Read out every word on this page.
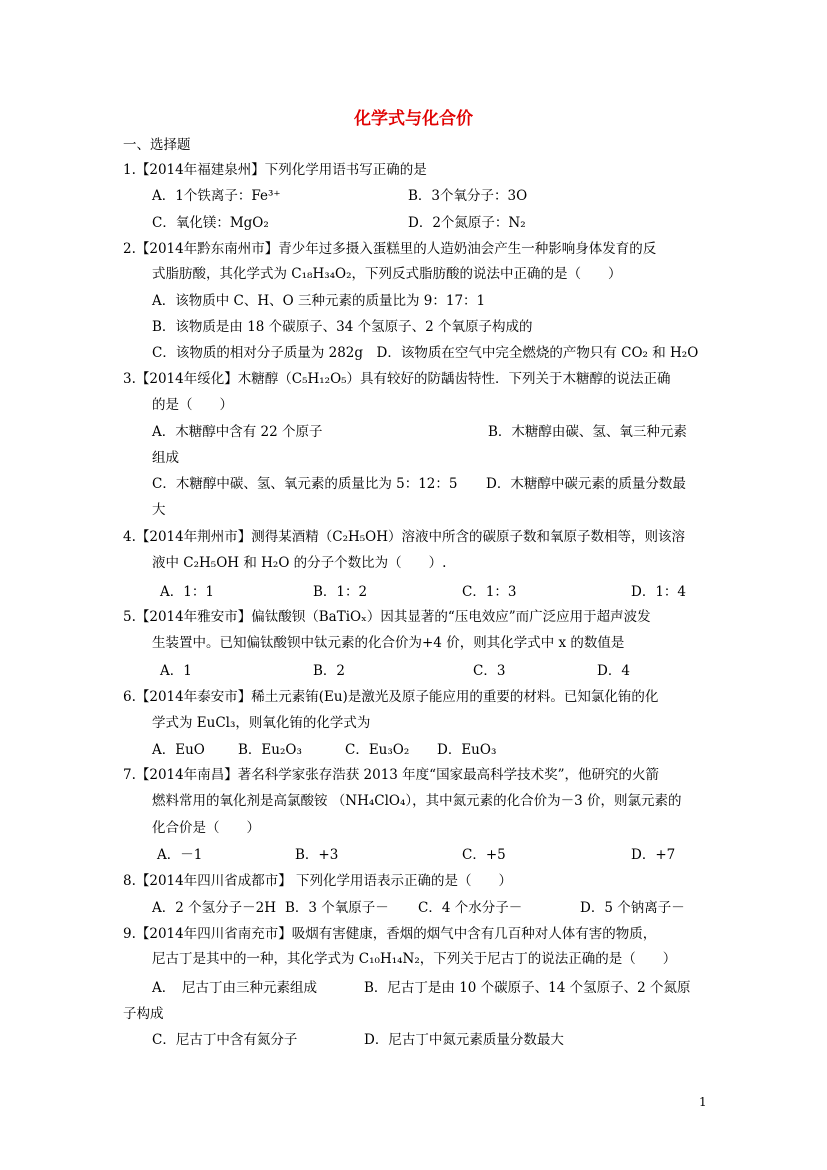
化学式与化合价
一、选择题
1.【2014年福建泉州】下列化学用语书写正确的是
A．1个铁离子：Fe³⁺	B．3个氧分子：3O
C．氧化镁：MgO₂	D．2个氮原子：N₂
2.【2014年黔东南州市】青少年过多摄入蛋糕里的人造奶油会产生一种影响身体发育的反
式脂肪酸，其化学式为 C₁₈H₃₄O₂，下列反式脂肪酸的说法中正确的是（　　）
A．该物质中 C、H、O 三种元素的质量比为 9：17：1
B．该物质是由 18 个碳原子、34 个氢原子、2 个氧原子构成的
C．该物质的相对分子质量为 282g　D．该物质在空气中完全燃烧的产物只有 CO₂ 和 H₂O
3.【2014年绥化】木糖醇（C₅H₁₂O₅）具有较好的防龋齿特性．下列关于木糖醇的说法正确
的是（　　）
A．木糖醇中含有 22 个原子	B．木糖醇由碳、氢、氧三种元素
组成
C．木糖醇中碳、氢、氧元素的质量比为 5：12：5 D．木糖醇中碳元素的质量分数最
大
4.【2014年荆州市】测得某酒精（C₂H₅OH）溶液中所含的碳原子数和氧原子数相等，则该溶
液中 C₂H₅OH 和 H₂O 的分子个数比为（　　）.
A．1：1	B．1：2	C．1：3	D．1：4
5.【2014年雅安市】偏钛酸钡（BaTiOₓ）因其显著的“压电效应”而广泛应用于超声波发
生装置中。已知偏钛酸钡中钛元素的化合价为+4 价，则其化学式中 x 的数值是
A．1	B．2	C．3	D．4
6.【2014年泰安市】稀土元素铕(Eu)是激光及原子能应用的重要的材料。已知氯化铕的化
学式为 EuCl₃，则氧化铕的化学式为
A．EuO B．Eu₂O₃	C．Eu₃O₂ D．EuO₃
7.【2014年南昌】著名科学家张存浩获 2013 年度“国家最高科学技术奖”，他研究的火箭
燃料常用的氧化剂是高氯酸铵 （NH₄ClO₄），其中氮元素的化合价为－3 价，则氯元素的
化合价是（　　）
A．－1	B．+3	C．+5	D．+7
8.【2014年四川省成都市】 下列化学用语表示正确的是（　　）
A．2 个氢分子－2H B．3 个氧原子－ C．4 个水分子－	D．5 个钠离子－
9.【2014年四川省南充市】吸烟有害健康，香烟的烟气中含有几百种对人体有害的物质，
尼古丁是其中的一种，其化学式为 C₁₀H₁₄N₂，下列关于尼古丁的说法正确的是（　　）
A．　尼古丁由三种元素组成	B．尼古丁是由 10 个碳原子、14 个氢原子、2 个氮原
子构成
C．尼古丁中含有氮分子	D．尼古丁中氮元素质量分数最大
1
